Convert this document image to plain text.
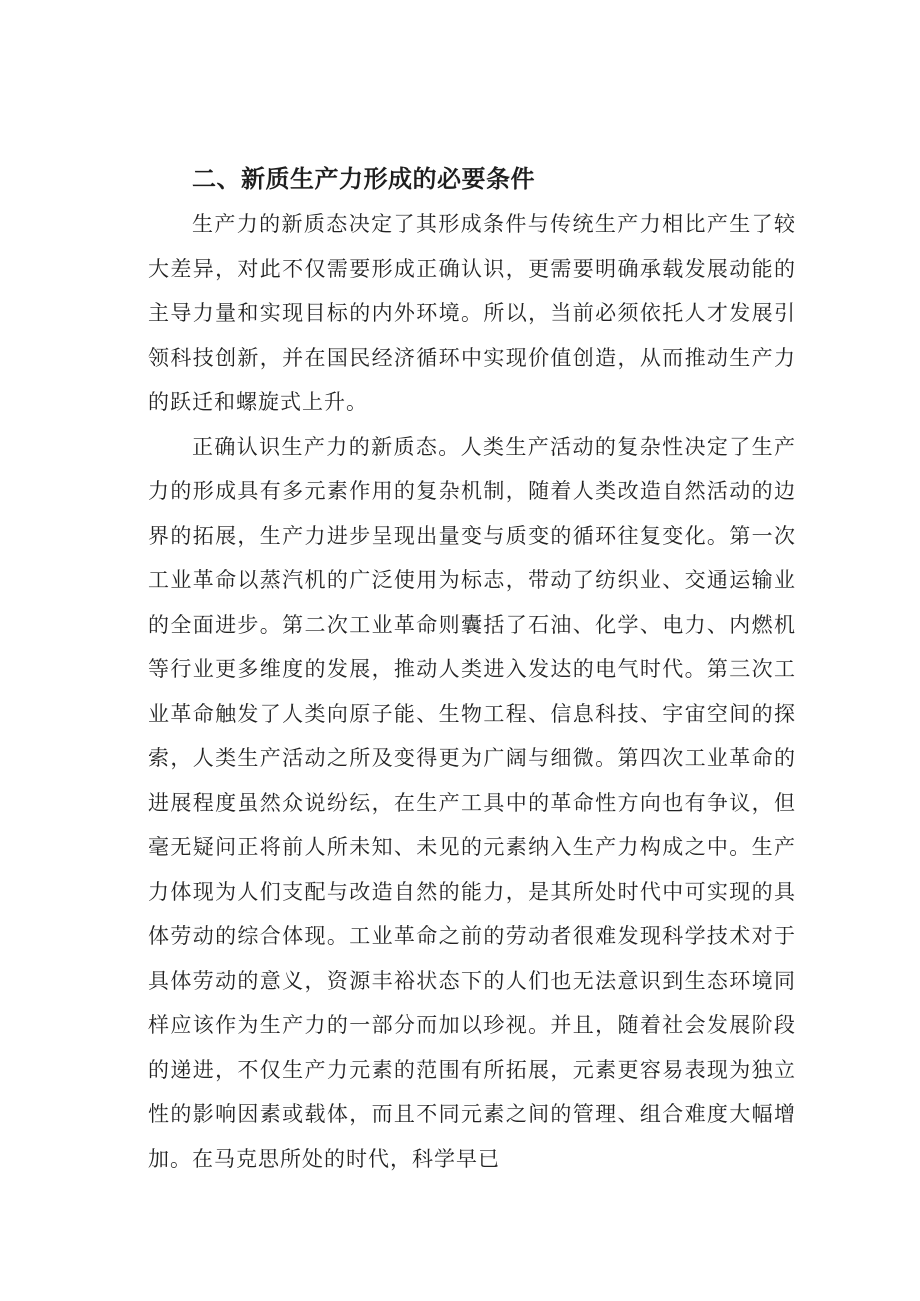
二、新质生产力形成的必要条件

生产力的新质态决定了其形成条件与传统生产力相比产生了较大差异，对此不仅需要形成正确认识，更需要明确承载发展动能的主导力量和实现目标的内外环境。所以，当前必须依托人才发展引领科技创新，并在国民经济循环中实现价值创造，从而推动生产力的跃迁和螺旋式上升。

正确认识生产力的新质态。人类生产活动的复杂性决定了生产力的形成具有多元素作用的复杂机制，随着人类改造自然活动的边界的拓展，生产力进步呈现出量变与质变的循环往复变化。第一次工业革命以蒸汽机的广泛使用为标志，带动了纺织业、交通运输业的全面进步。第二次工业革命则囊括了石油、化学、电力、内燃机等行业更多维度的发展，推动人类进入发达的电气时代。第三次工业革命触发了人类向原子能、生物工程、信息科技、宇宙空间的探索，人类生产活动之所及变得更为广阔与细微。第四次工业革命的进展程度虽然众说纷纭，在生产工具中的革命性方向也有争议，但毫无疑问正将前人所未知、未见的元素纳入生产力构成之中。生产力体现为人们支配与改造自然的能力，是其所处时代中可实现的具体劳动的综合体现。工业革命之前的劳动者很难发现科学技术对于具体劳动的意义，资源丰裕状态下的人们也无法意识到生态环境同样应该作为生产力的一部分而加以珍视。并且，随着社会发展阶段的递进，不仅生产力元素的范围有所拓展，元素更容易表现为独立性的影响因素或载体，而且不同元素之间的管理、组合难度大幅增加。在马克思所处的时代，科学早已
